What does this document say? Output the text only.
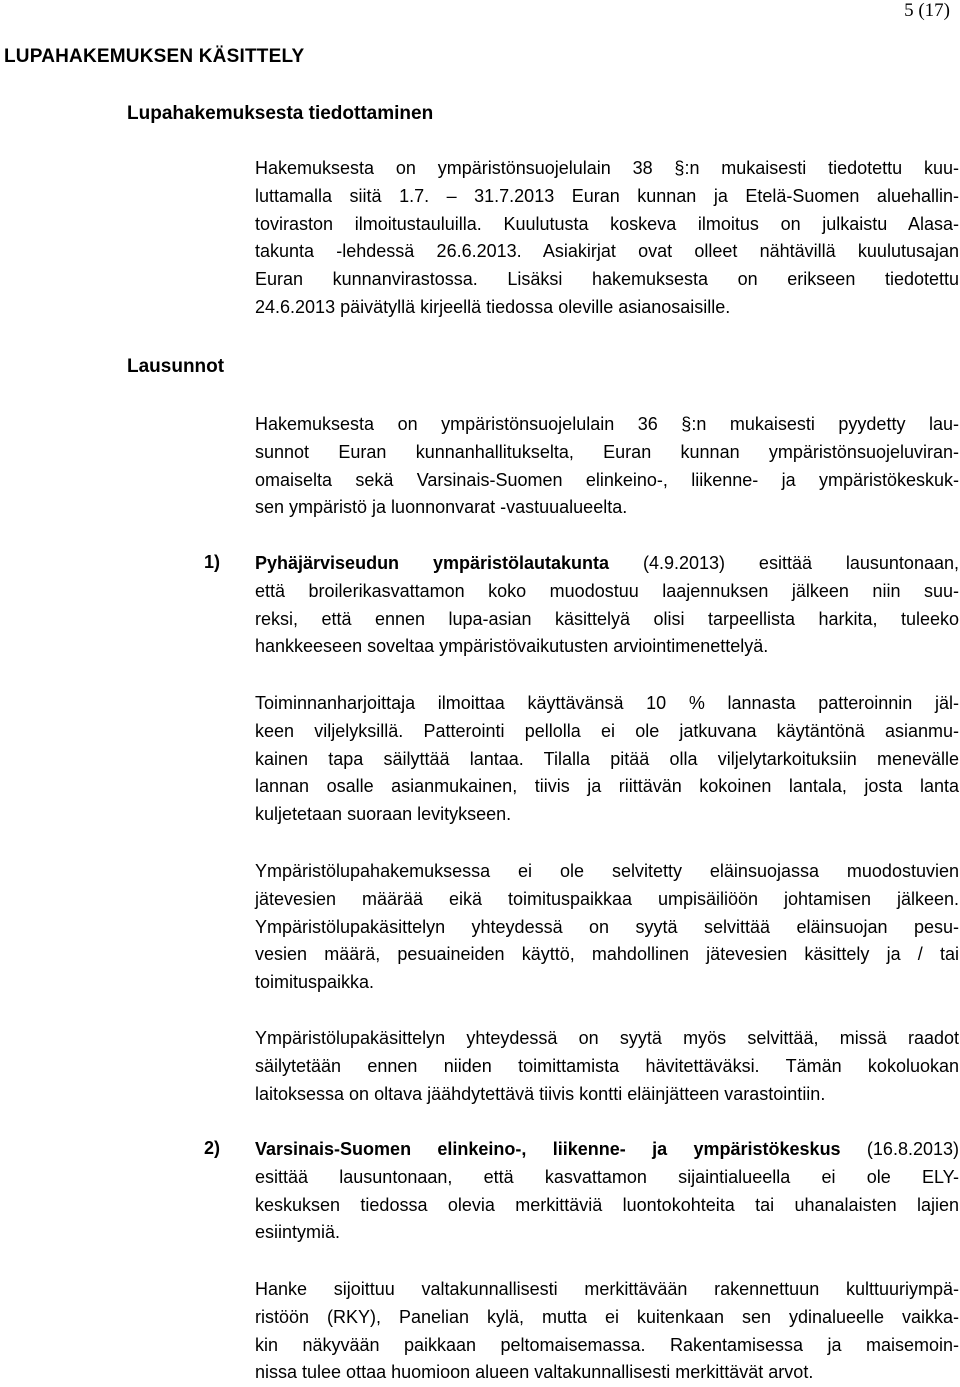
5 (17)
LUPAHAKEMUKSEN KÄSITTELY
Lupahakemuksesta tiedottaminen
Hakemuksesta on ympäristönsuojelulain 38 §:n mukaisesti tiedotettu kuu-
luttamalla siitä 1.7. – 31.7.2013 Euran kunnan ja Etelä-Suomen aluehallin-
toviraston ilmoitustauluilla. Kuulutusta koskeva ilmoitus on julkaistu Alasa-
takunta -lehdessä 26.6.2013. Asiakirjat ovat olleet nähtävillä kuulutusajan
Euran kunnanvirastossa. Lisäksi hakemuksesta on erikseen tiedotettu
24.6.2013 päivätyllä kirjeellä tiedossa oleville asianosaisille.
Lausunnot
Hakemuksesta on ympäristönsuojelulain 36 §:n mukaisesti pyydetty lau-
sunnot Euran kunnanhallitukselta, Euran kunnan ympäristönsuojeluviran-
omaiselta sekä Varsinais-Suomen elinkeino-, liikenne- ja ympäristökeskuk-
sen ympäristö ja luonnonvarat -vastuualueelta.
1) Pyhäjärviseudun ympäristölautakunta (4.9.2013) esittää lausuntonaan,
että broilerikasvattamon koko muodostuu laajennuksen jälkeen niin suu-
reksi, että ennen lupa-asian käsittelyä olisi tarpeellista harkita, tuleeko
hankkeeseen soveltaa ympäristövaikutusten arviointimenettelyä.
Toiminnanharjoittaja ilmoittaa käyttävänsä 10 % lannasta patteroinnin jäl-
keen viljelyksillä. Patterointi pellolla ei ole jatkuvana käytäntönä asianmu-
kainen tapa säilyttää lantaa. Tilalla pitää olla viljelytarkoituksiin menevälle
lannan osalle asianmukainen, tiivis ja riittävän kokoinen lantala, josta lanta
kuljetetaan suoraan levitykseen.
Ympäristölupahakemuksessa ei ole selvitetty eläinsuojassa muodostuvien
jätevesien määrää eikä toimituspaikkaa umpisäiliöön johtamisen jälkeen.
Ympäristölupakäsittelyn yhteydessä on syytä selvittää eläinsuojan pesu-
vesien määrä, pesuaineiden käyttö, mahdollinen jätevesien käsittely ja / tai
toimituspaikka.
Ympäristölupakäsittelyn yhteydessä on syytä myös selvittää, missä raadot
säilytetään ennen niiden toimittamista hävitettäväksi. Tämän kokoluokan
laitoksessa on oltava jäähdytettävä tiivis kontti eläinjätteen varastointiin.
2) Varsinais-Suomen elinkeino-, liikenne- ja ympäristökeskus (16.8.2013)
esittää lausuntonaan, että kasvattamon sijaintialueella ei ole ELY-
keskuksen tiedossa olevia merkittäviä luontokohteita tai uhanalaisten lajien
esiintymiä.
Hanke sijoittuu valtakunnallisesti merkittävään rakennettuun kulttuuriympä-
ristöön (RKY), Panelian kylä, mutta ei kuitenkaan sen ydinalueelle vaikka-
kin näkyvään paikkaan peltomaisemassa. Rakentamisessa ja maisemoin-
nissa tulee ottaa huomioon alueen valtakunnallisesti merkittävät arvot.
